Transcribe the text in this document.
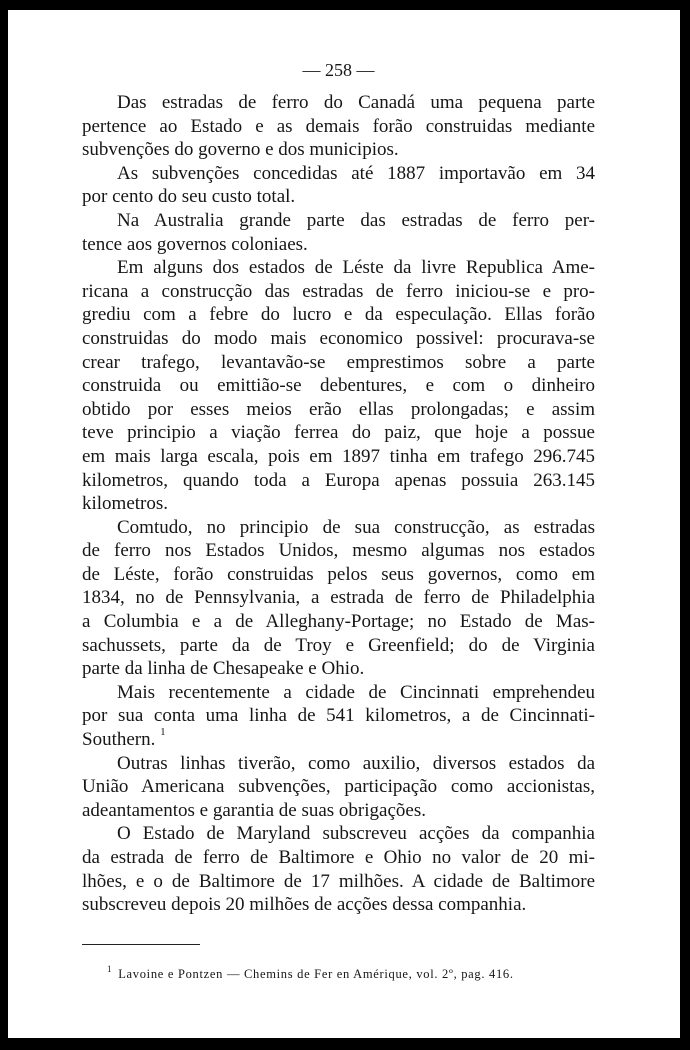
— 258 —
Das estradas de ferro do Canadá uma pequena parte
pertence ao Estado e as demais forão construidas mediante
subvenções do governo e dos municipios.
As subvenções concedidas até 1887 importavão em 34
por cento do seu custo total.
Na Australia grande parte das estradas de ferro per-
tence aos governos coloniaes.
Em alguns dos estados de Léste da livre Republica Ame-
ricana a construcção das estradas de ferro iniciou-se e pro-
grediu com a febre do lucro e da especulação. Ellas forão
construidas do modo mais economico possivel: procurava-se
crear trafego, levantavão-se emprestimos sobre a parte
construida ou emittião-se debentures, e com o dinheiro
obtido por esses meios erão ellas prolongadas; e assim
teve principio a viação ferrea do paiz, que hoje a possue
em mais larga escala, pois em 1897 tinha em trafego 296.745
kilometros, quando toda a Europa apenas possuia 263.145
kilometros.
Comtudo, no principio de sua construcção, as estradas
de ferro nos Estados Unidos, mesmo algumas nos estados
de Léste, forão construidas pelos seus governos, como em
1834, no de Pennsylvania, a estrada de ferro de Philadelphia
a Columbia e a de Alleghany-Portage; no Estado de Mas-
sachussets, parte da de Troy e Greenfield; do de Virginia
parte da linha de Chesapeake e Ohio.
Mais recentemente a cidade de Cincinnati emprehendeu
por sua conta uma linha de 541 kilometros, a de Cincinnati-
Southern. $^1$
Outras linhas tiverão, como auxilio, diversos estados da
União Americana subvenções, participação como accionistas,
adeantamentos e garantia de suas obrigações.
O Estado de Maryland subscreveu acções da companhia
da estrada de ferro de Baltimore e Ohio no valor de 20 mi-
lhões, e o de Baltimore de 17 milhões. A cidade de Baltimore
subscreveu depois 20 milhões de acções dessa companhia.
$^1$ Lavoine e Pontzen — Chemins de Fer en Amérique, vol. 2º, pag. 416.
